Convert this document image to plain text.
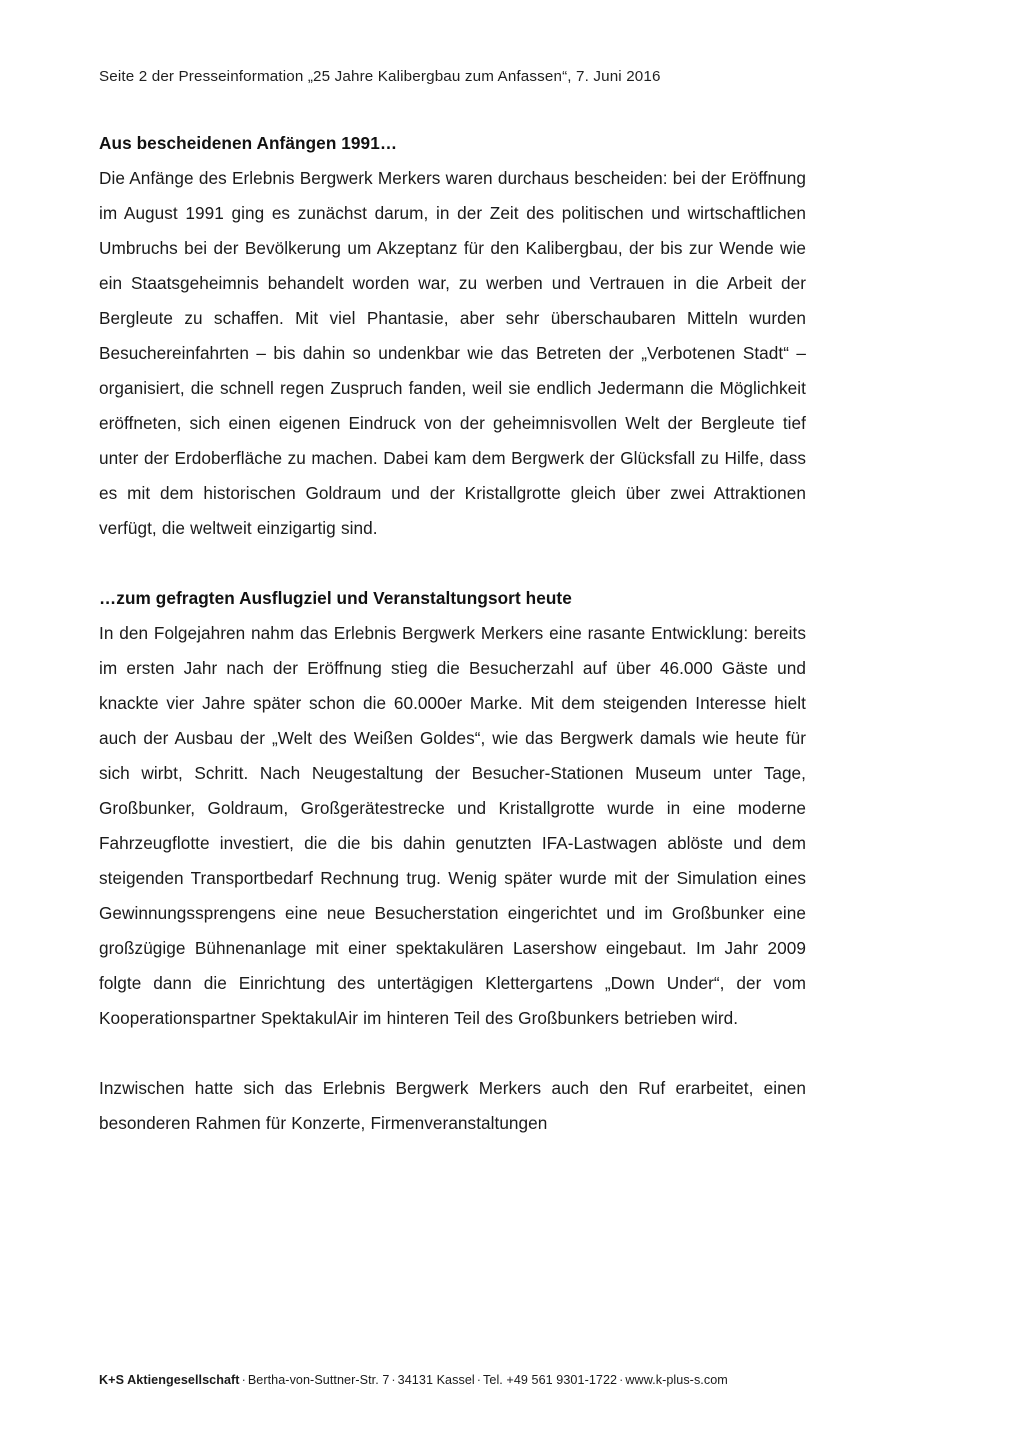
Seite 2 der Presseinformation „25 Jahre Kalibergbau zum Anfassen“, 7. Juni 2016
Aus bescheidenen Anfängen 1991…

Die Anfänge des Erlebnis Bergwerk Merkers waren durchaus bescheiden: bei der Eröffnung im August 1991 ging es zunächst darum, in der Zeit des politischen und wirtschaftlichen Umbruchs bei der Bevölkerung um Akzeptanz für den Kalibergbau, der bis zur Wende wie ein Staatsgeheimnis behandelt worden war, zu werben und Vertrauen in die Arbeit der Bergleute zu schaffen. Mit viel Phantasie, aber sehr überschaubaren Mitteln wurden Besuchereinfahrten – bis dahin so undenkbar wie das Betreten der „Verbotenen Stadt“ – organisiert, die schnell regen Zuspruch fanden, weil sie endlich Jedermann die Möglichkeit eröffneten, sich einen eigenen Eindruck von der geheimnisvollen Welt der Bergleute tief unter der Erdoberfläche zu machen. Dabei kam dem Bergwerk der Glücksfall zu Hilfe, dass es mit dem historischen Goldraum und der Kristallgrotte gleich über zwei Attraktionen verfügt, die weltweit einzigartig sind.

…zum gefragten Ausflugziel und Veranstaltungsort heute

In den Folgejahren nahm das Erlebnis Bergwerk Merkers eine rasante Entwicklung: bereits im ersten Jahr nach der Eröffnung stieg die Besucherzahl auf über 46.000 Gäste und knackte vier Jahre später schon die 60.000er Marke. Mit dem steigenden Interesse hielt auch der Ausbau der „Welt des Weißen Goldes“, wie das Bergwerk damals wie heute für sich wirbt, Schritt. Nach Neugestaltung der Besucher-Stationen Museum unter Tage, Großbunker, Goldraum, Großgerätestrecke und Kristallgrotte wurde in eine moderne Fahrzeugflotte investiert, die die bis dahin genutzten IFA-Lastwagen ablöste und dem steigenden Transportbedarf Rechnung trug. Wenig später wurde mit der Simulation eines Gewinnungssprengens eine neue Besucherstation eingerichtet und im Großbunker eine großzügige Bühnenanlage mit einer spektakulären Lasershow eingebaut. Im Jahr 2009 folgte dann die Einrichtung des untertägigen Klettergartens „Down Under“, der vom Kooperationspartner SpektakulAir im hinteren Teil des Großbunkers betrieben wird.

Inzwischen hatte sich das Erlebnis Bergwerk Merkers auch den Ruf erarbeitet, einen besonderen Rahmen für Konzerte, Firmenveranstaltungen

K+S Aktiengesellschaft · Bertha-von-Suttner-Str. 7 · 34131 Kassel · Tel. +49 561 9301-1722 · www.k-plus-s.com
